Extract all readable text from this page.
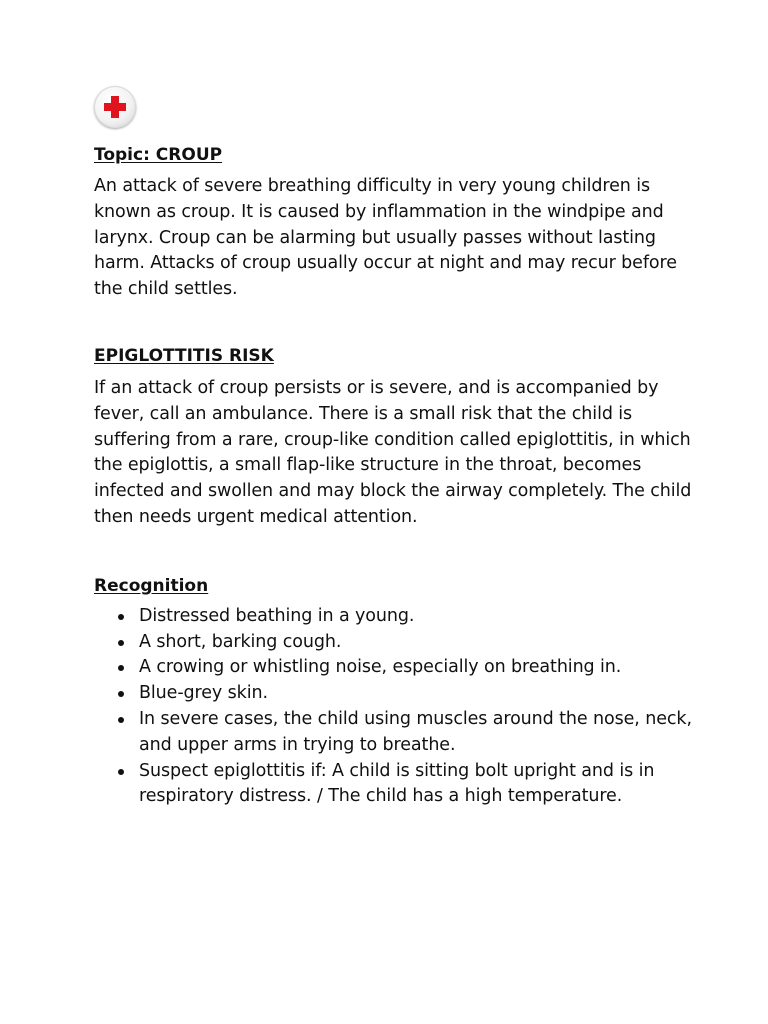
Topic: CROUP

An attack of severe breathing difficulty in very young children is known as croup. It is caused by inflammation in the windpipe and larynx. Croup can be alarming but usually passes without lasting harm. Attacks of croup usually occur at night and may recur before the child settles.

EPIGLOTTITIS RISK

If an attack of croup persists or is severe, and is accompanied by fever, call an ambulance. There is a small risk that the child is suffering from a rare, croup-like condition called epiglottitis, in which the epiglottis, a small flap-like structure in the throat, becomes infected and swollen and may block the airway completely. The child then needs urgent medical attention.

Recognition
Distressed beathing in a young.
A short, barking cough.
A crowing or whistling noise, especially on breathing in.
Blue-grey skin.
In severe cases, the child using muscles around the nose, neck, and upper arms in trying to breathe.
Suspect epiglottitis if: A child is sitting bolt upright and is in respiratory distress. / The child has a high temperature.
